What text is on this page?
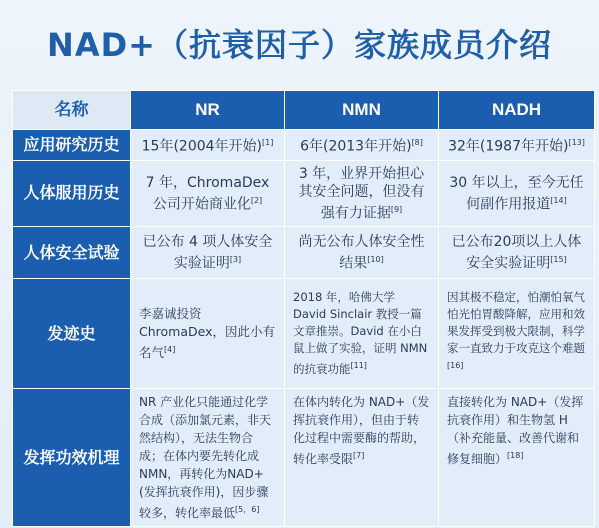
NAD+（抗衰因子）家族成员介绍
名称	NR	NMN	NADH
应用研究历史	15年(2004年开始)[1]	6年(2013年开始)[8]	32年(1987年开始)[13]
人体服用历史	7 年，ChromaDex公司开始商业化[2]	3 年，业界开始担心其安全问题，但没有强有力证据[9]	30 年以上，至今无任何副作用报道[14]
人体安全试验	已公布 4 项人体安全实验证明[3]	尚无公布人体安全性结果[10]	已公布20项以上人体安全实验证明[15]
发迹史	李嘉诚投资ChromaDex，因此小有名气[4]	2018 年，哈佛大学 David Sinclair 教授一篇文章推崇。David 在小白鼠上做了实验，证明 NMN 的抗衰功能[11]	因其极不稳定，怕潮怕氧气怕光怕胃酸降解，应用和效果发挥受到极大限制，科学家一直致力于攻克这个难题[16]
发挥功效机理	NR 产业化只能通过化学合成（添加氯元素，非天然结构），无法生物合成；在体内要先转化成NMN，再转化为NAD+(发挥抗衰作用)，因步骤较多，转化率最低[5，6]	在体内转化为 NAD+（发挥抗衰作用），但由于转化过程中需要酶的帮助，转化率受限[7]	直接转化为 NAD+（发挥抗衰作用）和生物氢 H（补充能量、改善代谢和修复细胞）[18]
